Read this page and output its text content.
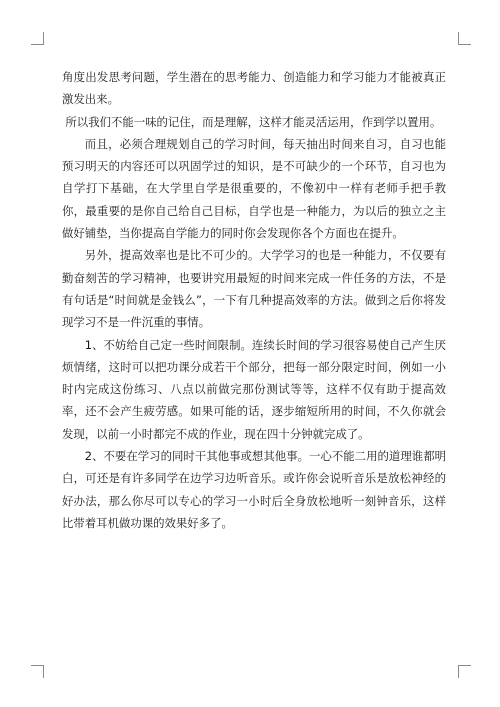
角度出发思考问题，学生潜在的思考能力、创造能力和学习能力才能被真正激发出来。

所以我们不能一味的记住，而是理解，这样才能灵活运用，作到学以置用。

而且，必须合理规划自己的学习时间，每天抽出时间来自习，自习也能预习明天的内容还可以巩固学过的知识，是不可缺少的一个环节，自习也为自学打下基础，在大学里自学是很重要的，不像初中一样有老师手把手教你，最重要的是你自己给自己目标，自学也是一种能力，为以后的独立之主做好铺垫，当你提高自学能力的同时你会发现你各个方面也在提升。

另外，提高效率也是比不可少的。大学学习的也是一种能力，不仅要有勤奋刻苦的学习精神，也要讲究用最短的时间来完成一件任务的方法，不是有句话是“时间就是金钱么”，一下有几种提高效率的方法。做到之后你将发现学习不是一件沉重的事情。

1、不妨给自己定一些时间限制。连续长时间的学习很容易使自己产生厌烦情绪，这时可以把功课分成若干个部分，把每一部分限定时间，例如一小时内完成这份练习、八点以前做完那份测试等等，这样不仅有助于提高效率，还不会产生疲劳感。如果可能的话，逐步缩短所用的时间，不久你就会发现，以前一小时都完不成的作业，现在四十分钟就完成了。

2、不要在学习的同时干其他事或想其他事。一心不能二用的道理谁都明白，可还是有许多同学在边学习边听音乐。或许你会说听音乐是放松神经的好办法，那么你尽可以专心的学习一小时后全身放松地听一刻钟音乐，这样比带着耳机做功课的效果好多了。
